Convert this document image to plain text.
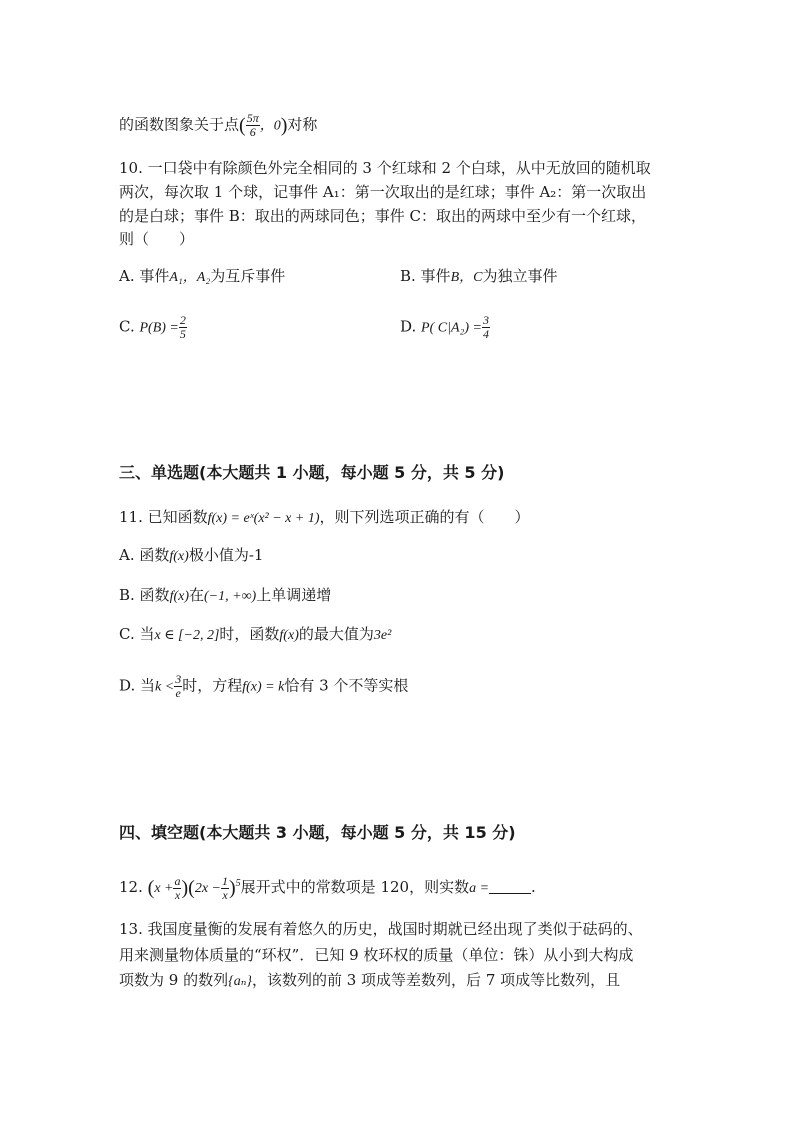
的函数图象关于点( $\frac{5\pi}{6}$ ，0)对称
10. 一口袋中有除颜色外完全相同的 3 个红球和 2 个白球，从中无放回的随机取
两次，每次取 1 个球，记事件 A₁：第一次取出的是红球；事件 A₂：第一次取出
的是白球；事件 B：取出的两球同色；事件 C：取出的两球中至少有一个红球，
则（　　）
A. 事件A₁，A₂为互斥事件	B. 事件B，C为独立事件
C. $P(B) = \frac{2}{5}$	D. P( $C|A_2) = \frac{3}{4}$
三、单选题(本大题共 1 小题，每小题 5 分，共 5 分)
11. 已知函数f(x) = eˣ(x² − x + 1)，则下列选项正确的有（　　）
A. 函数f(x)极小值为-1
B. 函数f(x)在(−1, +∞)上单调递增
C. 当x ∈ [−2, 2]时，函数f(x)的最大值为3e²
D. 当$k < \frac{3}{e}$ 时，方程f(x) = k恰有 3 个不等实根
四、填空题(本大题共 3 小题，每小题 5 分，共 15 分)
12. $(x + \frac{a}{x} )(2x - \frac{1}{x} )^5$展开式中的常数项是 120，则实数a =	.
13. 我国度量衡的发展有着悠久的历史，战国时期就已经出现了类似于砝码的、
用来测量物体质量的“环权”．已知 9 枚环权的质量（单位：铢）从小到大构成
项数为 9 的数列{aₙ}，该数列的前 3 项成等差数列，后 7 项成等比数列，且
